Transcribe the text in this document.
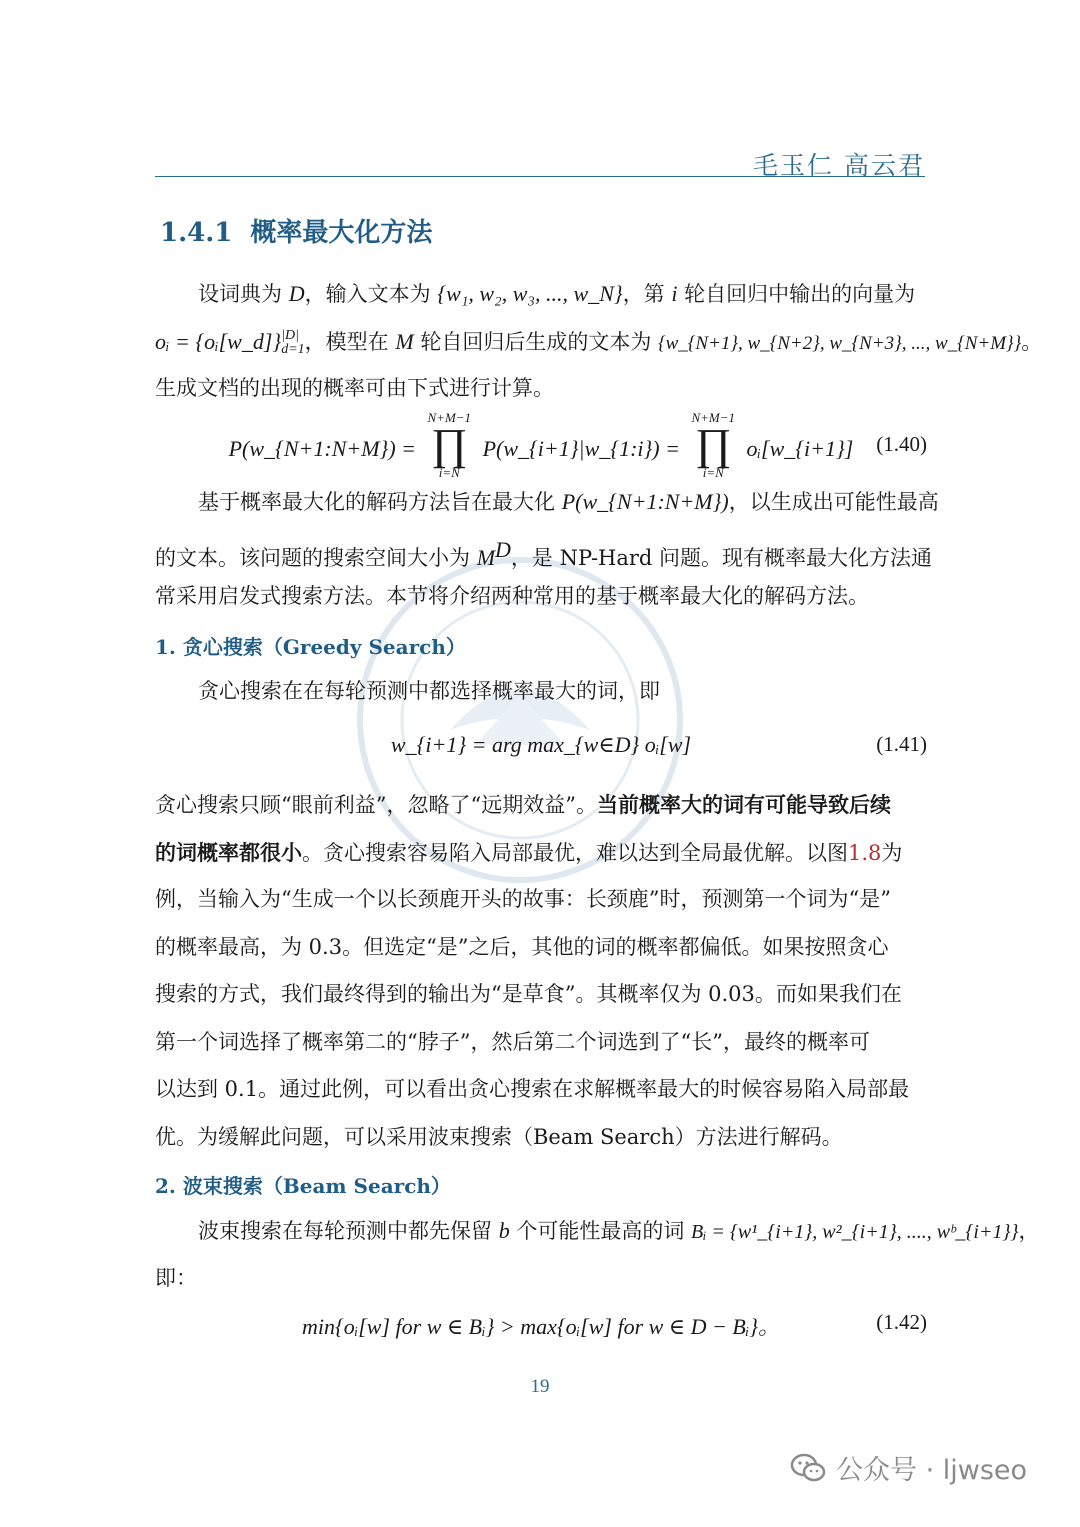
毛玉仁 高云君
1.4.1 概率最大化方法
设词典为 D，输入文本为 {w₁, w₂, w₃, ..., w_N}，第 i 轮自回归中输出的向量为
oᵢ = {oᵢ[w_d]} |D|
d=1 ，模型在 M 轮自回归后生成的文本为 {w_{N+1}, w_{N+2}, w_{N+3}, ..., w_{N+M}}。
生成文档的出现的概率可由下式进行计算。
P(w_{N+1:N+M}) =
N+M−1
∏
i=N
P(w_{i+1}|w_{1:i}) =
N+M−1
∏
i=N
oᵢ[w_{i+1}]	(1.40)
基于概率最大化的解码方法旨在最大化 P(w_{N+1:N+M})，以生成出可能性最高
的文本。该问题的搜索空间大小为 $M^D$，是 NP-Hard 问题。现有概率最大化方法通
常采用启发式搜索方法。本节将介绍两种常用的基于概率最大化的解码方法。
1. 贪心搜索（Greedy Search）
贪心搜索在在每轮预测中都选择概率最大的词，即
w_{i+1} = arg max_{w∈D} oᵢ[w]	(1.41)
贪心搜索只顾“眼前利益”，忽略了“远期效益”。当前概率大的词有可能导致后续
的词概率都很小。贪心搜索容易陷入局部最优，难以达到全局最优解。以图1.8为
例，当输入为“生成一个以长颈鹿开头的故事：长颈鹿”时，预测第一个词为“是”
的概率最高，为 0.3。但选定“是”之后，其他的词的概率都偏低。如果按照贪心
搜索的方式，我们最终得到的输出为“是草食”。其概率仅为 0.03。而如果我们在
第一个词选择了概率第二的“脖子”，然后第二个词选到了“长”，最终的概率可
以达到 0.1。通过此例，可以看出贪心搜索在求解概率最大的时候容易陷入局部最
优。为缓解此问题，可以采用波束搜索（Beam Search）方法进行解码。
2. 波束搜索（Beam Search）
波束搜索在每轮预测中都先保留 b 个可能性最高的词 Bᵢ = {w¹_{i+1}, w²_{i+1}, ...., wᵇ_{i+1}}，
即：
min{oᵢ[w] for w ∈ Bᵢ} > max{oᵢ[w] for w ∈ D − Bᵢ}。	(1.42)
19
公众号 · ljwseo
